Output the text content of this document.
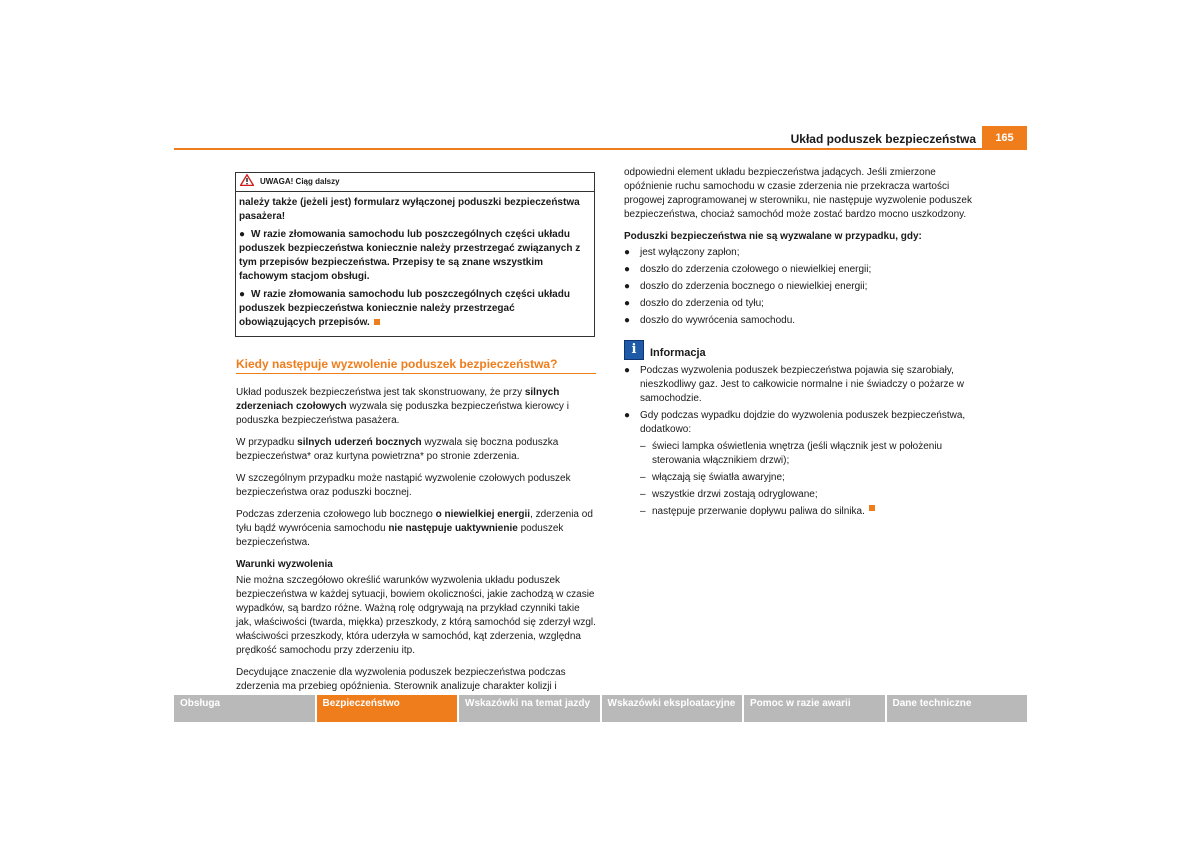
Układ poduszek bezpieczeństwa	165
UWAGA! Ciąg dalszy

należy także (jeżeli jest) formularz wyłączonej poduszki bezpieczeństwa pasażera!

● W razie złomowania samochodu lub poszczególnych części układu poduszek bezpieczeństwa koniecznie należy przestrzegać związanych z tym przepisów bezpieczeństwa. Przepisy te są znane wszystkim fachowym stacjom obsługi.

● W razie złomowania samochodu lub poszczególnych części układu poduszek bezpieczeństwa koniecznie należy przestrzegać obowiązujących przepisów.

Kiedy następuje wyzwolenie poduszek bezpieczeństwa?

Układ poduszek bezpieczeństwa jest tak skonstruowany, że przy silnych zderzeniach czołowych wyzwala się poduszka bezpieczeństwa kierowcy i poduszka bezpieczeństwa pasażera.

W przypadku silnych uderzeń bocznych wyzwala się boczna poduszka bezpieczeństwa* oraz kurtyna powietrzna* po stronie zderzenia.

W szczególnym przypadku może nastąpić wyzwolenie czołowych poduszek bezpieczeństwa oraz poduszki bocznej.

Podczas zderzenia czołowego lub bocznego o niewielkiej energii, zderzenia od tyłu bądź wywrócenia samochodu nie następuje uaktywnienie poduszek bezpieczeństwa.

Warunki wyzwolenia

Nie można szczegółowo określić warunków wyzwolenia układu poduszek bezpieczeństwa w każdej sytuacji, bowiem okoliczności, jakie zachodzą w czasie wypadków, są bardzo różne. Ważną rolę odgrywają na przykład czynniki takie jak, właściwości (twarda, miękka) przeszkody, z którą samochód się zderzył wzgl. właściwości przeszkody, która uderzyła w samochód, kąt zderzenia, względna prędkość samochodu przy zderzeniu itp.

Decydujące znaczenie dla wyzwolenia poduszek bezpieczeństwa podczas zderzenia ma przebieg opóźnienia. Sterownik analizuje charakter kolizji i

odpowiedni element układu bezpieczeństwa jadących. Jeśli zmierzone opóźnienie ruchu samochodu w czasie zderzenia nie przekracza wartości progowej zaprogramowanej w sterowniku, nie następuje wyzwolenie poduszek bezpieczeństwa, chociaż samochód może zostać bardzo mocno uszkodzony.

Poduszki bezpieczeństwa nie są wyzwalane w przypadku, gdy:
● jest wyłączony zapłon;
● doszło do zderzenia czołowego o niewielkiej energii;
● doszło do zderzenia bocznego o niewielkiej energii;
● doszło do zderzenia od tyłu;
● doszło do wywrócenia samochodu.
i	Informacja
● Podczas wyzwolenia poduszek bezpieczeństwa pojawia się szarobiały, nieszkodliwy gaz. Jest to całkowicie normalne i nie świadczy o pożarze w samochodzie.
● Gdy podczas wypadku dojdzie do wyzwolenia poduszek bezpieczeństwa, dodatkowo:
– świeci lampka oświetlenia wnętrza (jeśli włącznik jest w położeniu sterowania włącznikiem drzwi);
– włączają się światła awaryjne;
– wszystkie drzwi zostają odryglowane;
– następuje przerwanie dopływu paliwa do silnika.
Obsługa	Bezpieczeństwo	Wskazówki na temat jazdy	Wskazówki eksploatacyjne	Pomoc w razie awarii	Dane techniczne
